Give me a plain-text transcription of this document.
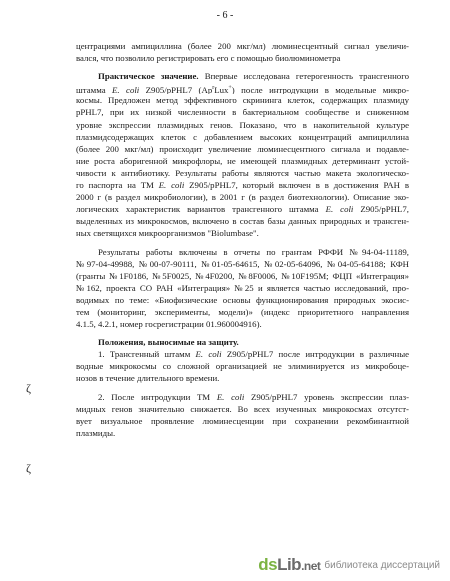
- 6 -
ζ
ζ
центрациями ампициллина (более 200 мкг/мл) люминесцентный сигнал увеличи-
вался, что позволило регистрировать его с помощью биолюминометра
Практическое значение. Впервые исследована гетерогенность трансгенного
штамма E. coli Z905/pPHL7 (Ap$^r$Lux+) после интродукции в модельные микро-
космы. Предложен метод эффективного скрининга клеток, содержащих плазмиду
pPHL7, при их низкой численности в бактериальном сообществе и сниженном
уровне экспрессии плазмидных генов. Показано, что в накопительной культуре
плазмидсодержащих клеток с добавлением высоких концентраций ампициллина
(более 200 мкг/мл) происходит увеличение люминесцентного сигнала и подавле-
ние роста аборигенной микрофлоры, не имеющей плазмидных детерминант устой-
чивости к антибиотику. Результаты работы являются частью макета экологическо-
го паспорта на ТМ E. coli Z905/pPHL7, который включен в в достижения РАН в
2000 г (в раздел микробиологии), в 2001 г (в раздел биотехнологии). Описание эко-
логических характеристик вариантов трансгенного штамма E. coli Z905/pPHL7,
выделенных из микрокосмов, включено в состав базы данных природных и трансген-
ных светящихся микроорганизмов "Biolumbase".
Результаты работы включены в отчеты по грантам РФФИ №94-04-11189,
№97-04-49988, №00-07-90111, №01-05-64615, №02-05-64096, №04-05-64188; КФН
(гранты №1F0186, №5F0025, №4F0200, №8F0006, №10F195M; ФЦП «Интеграция»
№162, проекта СО РАН «Интеграция» №25 и является частью исследований, про-
водимых по теме: «Биофизические основы функционирования природных экосис-
тем (мониторинг, эксперименты, модели)» (индекс приоритетного направления
4.1.5, 4.2.1, номер госрегистрации 01.960004916).
Положения, выносимые на защиту.
1. Трансгенный штамм E. coli Z905/pPHL7 после интродукции в различные
водные микрокосмы со сложной организацией не элиминируется из микробоце-
нозов в течение длительного времени.
2. После интродукции ТМ E. coli Z905/pPHL7 уровень экспрессии плаз-
мидных генов значительно снижается. Во всех изученных микрокосмах отсутст-
вует визуальное проявление люминесценции при сохранении рекомбинантной
плазмиды.
dsLib.net библиотека диссертаций
